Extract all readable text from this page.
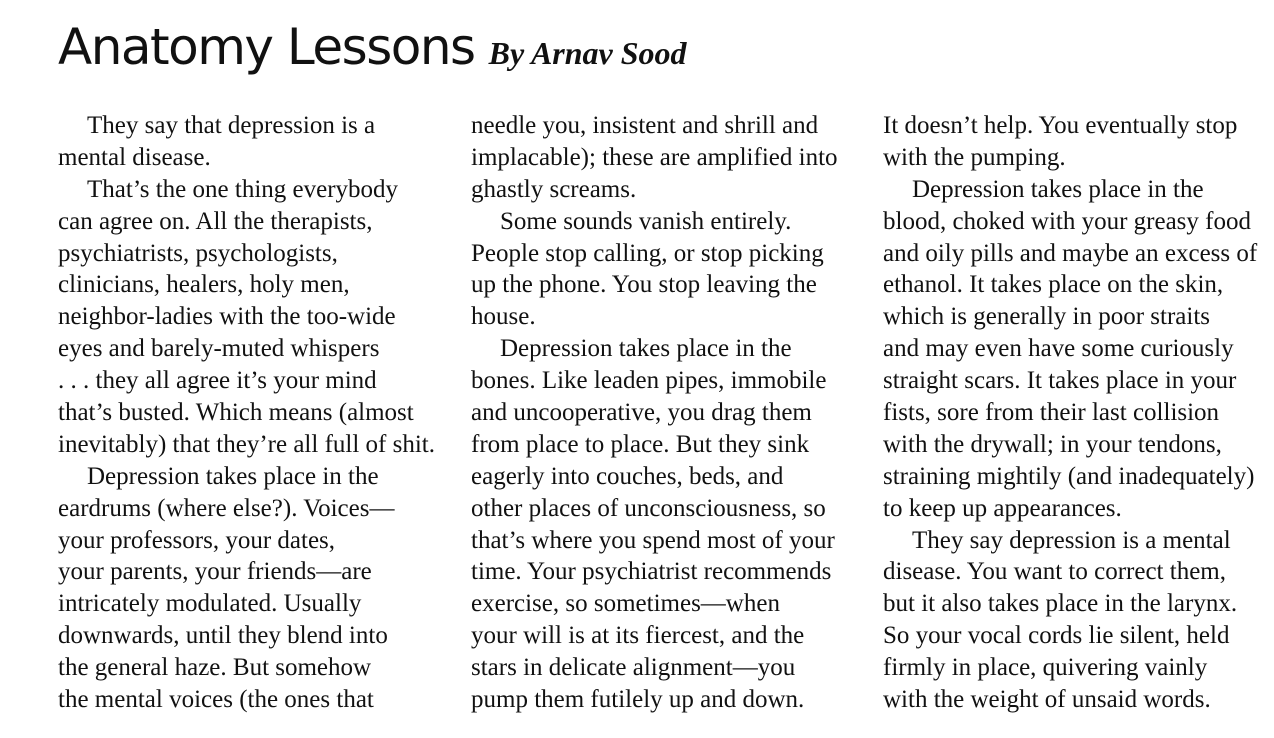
Anatomy Lessons By Arnav Sood
They say that depression is a
mental disease.
That’s the one thing everybody
can agree on. All the therapists,
psychiatrists, psychologists,
clinicians, healers, holy men,
neighbor-ladies with the too-wide
eyes and barely-muted whispers
. . . they all agree it’s your mind
that’s busted. Which means (almost
inevitably) that they’re all full of shit.
Depression takes place in the
eardrums (where else?). Voices—
your professors, your dates,
your parents, your friends—are
intricately modulated. Usually
downwards, until they blend into
the general haze. But somehow
the mental voices (the ones that
needle you, insistent and shrill and
implacable); these are amplified into
ghastly screams.
Some sounds vanish entirely.
People stop calling, or stop picking
up the phone. You stop leaving the
house.
Depression takes place in the
bones. Like leaden pipes, immobile
and uncooperative, you drag them
from place to place. But they sink
eagerly into couches, beds, and
other places of unconsciousness, so
that’s where you spend most of your
time. Your psychiatrist recommends
exercise, so sometimes—when
your will is at its fiercest, and the
stars in delicate alignment—you
pump them futilely up and down.
It doesn’t help. You eventually stop
with the pumping.
Depression takes place in the
blood, choked with your greasy food
and oily pills and maybe an excess of
ethanol. It takes place on the skin,
which is generally in poor straits
and may even have some curiously
straight scars. It takes place in your
fists, sore from their last collision
with the drywall; in your tendons,
straining mightily (and inadequately)
to keep up appearances.
They say depression is a mental
disease. You want to correct them,
but it also takes place in the larynx.
So your vocal cords lie silent, held
firmly in place, quivering vainly
with the weight of unsaid words.
